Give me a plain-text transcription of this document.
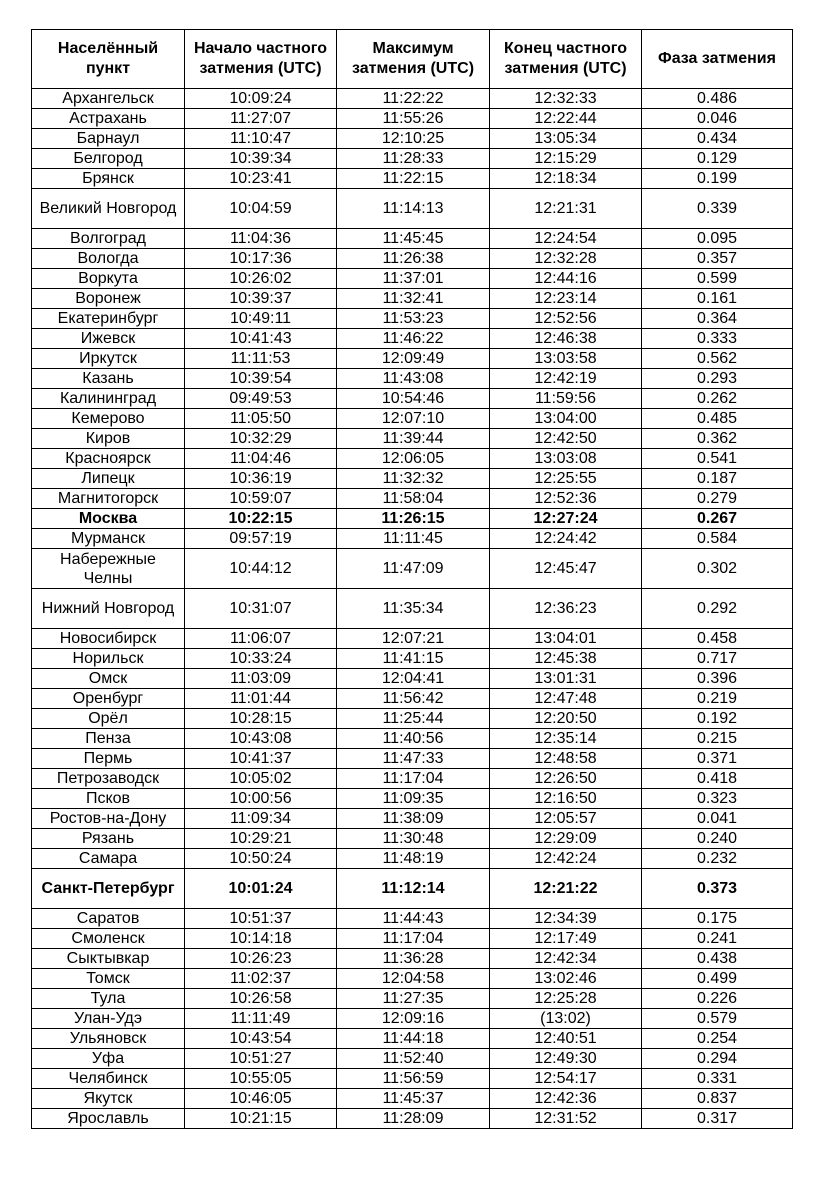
Населённый пункт	Начало частного затмения (UTC)	Максимум затмения (UTC)	Конец частного затмения (UTC)	Фаза затмения
Архангельск	10:09:24	11:22:22	12:32:33	0.486
Астрахань	11:27:07	11:55:26	12:22:44	0.046
Барнаул	11:10:47	12:10:25	13:05:34	0.434
Белгород	10:39:34	11:28:33	12:15:29	0.129
Брянск	10:23:41	11:22:15	12:18:34	0.199
Великий Новгород	10:04:59	11:14:13	12:21:31	0.339
Волгоград	11:04:36	11:45:45	12:24:54	0.095
Вологда	10:17:36	11:26:38	12:32:28	0.357
Воркута	10:26:02	11:37:01	12:44:16	0.599
Воронеж	10:39:37	11:32:41	12:23:14	0.161
Екатеринбург	10:49:11	11:53:23	12:52:56	0.364
Ижевск	10:41:43	11:46:22	12:46:38	0.333
Иркутск	11:11:53	12:09:49	13:03:58	0.562
Казань	10:39:54	11:43:08	12:42:19	0.293
Калининград	09:49:53	10:54:46	11:59:56	0.262
Кемерово	11:05:50	12:07:10	13:04:00	0.485
Киров	10:32:29	11:39:44	12:42:50	0.362
Красноярск	11:04:46	12:06:05	13:03:08	0.541
Липецк	10:36:19	11:32:32	12:25:55	0.187
Магнитогорск	10:59:07	11:58:04	12:52:36	0.279
Москва	10:22:15	11:26:15	12:27:24	0.267
Мурманск	09:57:19	11:11:45	12:24:42	0.584
Набережные Челны	10:44:12	11:47:09	12:45:47	0.302
Нижний Новгород	10:31:07	11:35:34	12:36:23	0.292
Новосибирск	11:06:07	12:07:21	13:04:01	0.458
Норильск	10:33:24	11:41:15	12:45:38	0.717
Омск	11:03:09	12:04:41	13:01:31	0.396
Оренбург	11:01:44	11:56:42	12:47:48	0.219
Орёл	10:28:15	11:25:44	12:20:50	0.192
Пенза	10:43:08	11:40:56	12:35:14	0.215
Пермь	10:41:37	11:47:33	12:48:58	0.371
Петрозаводск	10:05:02	11:17:04	12:26:50	0.418
Псков	10:00:56	11:09:35	12:16:50	0.323
Ростов-на-Дону	11:09:34	11:38:09	12:05:57	0.041
Рязань	10:29:21	11:30:48	12:29:09	0.240
Самара	10:50:24	11:48:19	12:42:24	0.232
Санкт-Петербург	10:01:24	11:12:14	12:21:22	0.373
Саратов	10:51:37	11:44:43	12:34:39	0.175
Смоленск	10:14:18	11:17:04	12:17:49	0.241
Сыктывкар	10:26:23	11:36:28	12:42:34	0.438
Томск	11:02:37	12:04:58	13:02:46	0.499
Тула	10:26:58	11:27:35	12:25:28	0.226
Улан-Удэ	11:11:49	12:09:16	(13:02)	0.579
Ульяновск	10:43:54	11:44:18	12:40:51	0.254
Уфа	10:51:27	11:52:40	12:49:30	0.294
Челябинск	10:55:05	11:56:59	12:54:17	0.331
Якутск	10:46:05	11:45:37	12:42:36	0.837
Ярославль	10:21:15	11:28:09	12:31:52	0.317
